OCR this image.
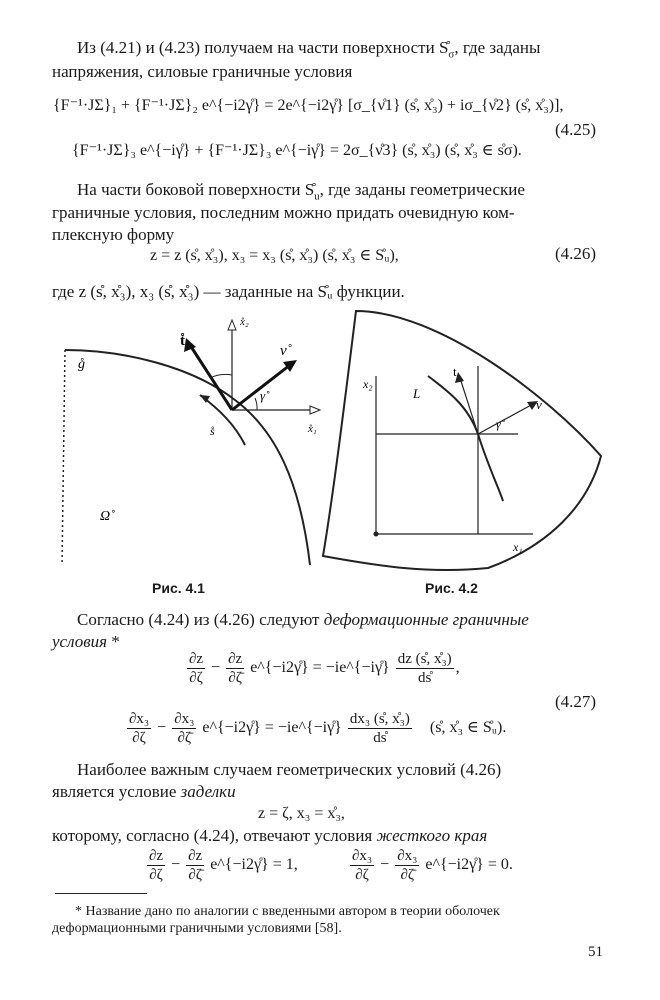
Из (4.21) и (4.23) получаем на части поверхности $S̊_\sigma$, где заданы
напряжения, силовые граничные условия
{F⁻¹·JΣ}₁ + {F⁻¹·JΣ}₂ e^{−i2γ̊} = 2e^{−i2γ̊} [σ_{ν̊1} (s̊, x̊₃) + iσ_{ν̊2} (s̊, x̊₃)],
{F⁻¹·JΣ}₃ e^{−iγ̊} + {F⁻¹·JΣ}₃ e^{−iγ̊} = 2σ_{ν̊3} (s̊, x̊₃) (s̊, x̊₃ ∈ s̊σ).
(4.25)
На части боковой поверхности $S̊_u$, где заданы геометрические
граничные условия, последним можно придать очевидную ком-
плексную форму
z = z (s̊, x̊₃), x₃ = x₃ (s̊, x̊₃) (s̊, x̊₃ ∈ S̊ᵤ),	(4.26)
где z (s̊, x̊₃), x₃ (s̊, x̊₃) — заданные на S̊ᵤ функции.
g̊
s̊
Ω̊
t̊
ν̊
γ̊
x̊₂
x̊₁
Рис. 4.1
t
ν
γ̊
L
x₂
x₁
Рис. 4.2
Согласно (4.24) из (4.26) следуют деформационные граничные
условия *
$\frac{\partial z}{\partial\zeta} - \frac{\partial z}{\partial\zetā}$ e^{−i2γ̊} = −ie^{−iγ̊} $\frac{\text{dz (s̊, x̊₃)}}{ds̊}$ ,
(4.27)
$\frac{\text{∂x₃}}{\partial\zeta} - \frac{\text{∂x₃}}{\partial\zetā}$ e^{−i2γ̊} = −ie^{−iγ̊} $\frac{\text{dx₃ (s̊, x̊₃)}}{ds̊}$ (s̊, x̊₃ ∈ S̊ᵤ).
Наиболее важным случаем геометрических условий (4.26)
является условие заделки
z = ζ, x₃ = x̊₃,
которому, согласно (4.24), отвечают условия жесткого края
$\frac{\partial z}{\partial\zeta} - \frac{\partial z}{\partial\zetā}$ e^{−i2γ̊} = 1,	$\frac{\text{∂x₃}}{\partial\zeta} - \frac{\text{∂x₃}}{\partial\zetā}$ e^{−i2γ̊} = 0.
* Название дано по аналогии с введенными автором в теории оболочек
деформационными граничными условиями [58].
51
